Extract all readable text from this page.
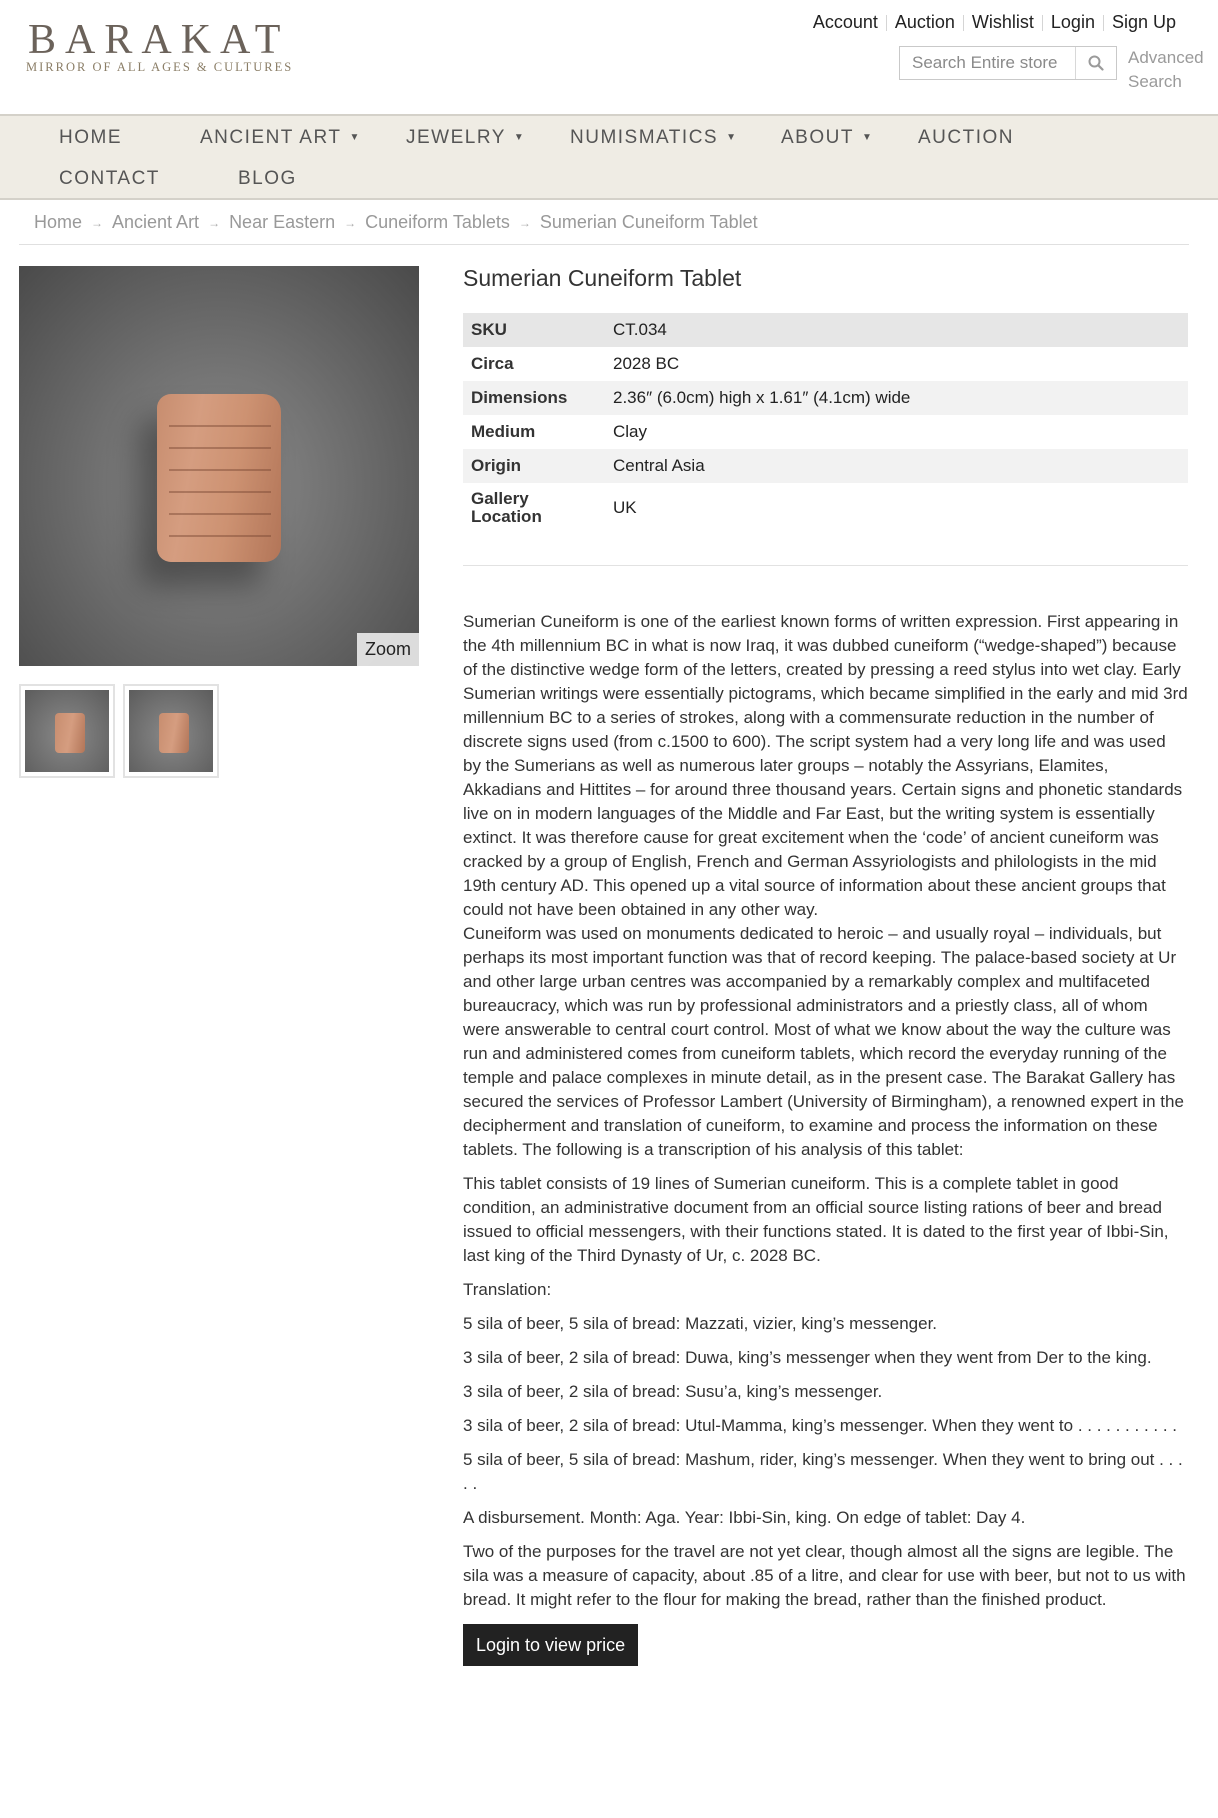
BARAKAT
MIRROR OF ALL AGES & CULTURES
Account Auction Wishlist Login Sign Up
Search Entire store here...
Advanced Search
HOME	ANCIENT ART ▼ JEWELRY ▼ NUMISMATICS ▼ ABOUT ▼ AUCTION
CONTACT	BLOG
Home → Ancient Art → Near Eastern → Cuneiform Tablets → Sumerian Cuneiform Tablet
Zoom
Sumerian Cuneiform Tablet
SKU	CT.034
Circa	2028 BC
Dimensions	2.36″ (6.0cm) high x 1.61″ (4.1cm) wide
Medium	Clay
Origin	Central Asia
Gallery Location	UK

Sumerian Cuneiform is one of the earliest known forms of written expression. First appearing in the 4th millennium BC in what is now Iraq, it was dubbed cuneiform (“wedge-shaped”) because of the distinctive wedge form of the letters, created by pressing a reed stylus into wet clay. Early Sumerian writings were essentially pictograms, which became simplified in the early and mid 3rd millennium BC to a series of strokes, along with a commensurate reduction in the number of discrete signs used (from c.1500 to 600). The script system had a very long life and was used by the Sumerians as well as numerous later groups – notably the Assyrians, Elamites, Akkadians and Hittites – for around three thousand years. Certain signs and phonetic standards live on in modern languages of the Middle and Far East, but the writing system is essentially extinct. It was therefore cause for great excitement when the ‘code’ of ancient cuneiform was cracked by a group of English, French and German Assyriologists and philologists in the mid 19th century AD. This opened up a vital source of information about these ancient groups that could not have been obtained in any other way.

Cuneiform was used on monuments dedicated to heroic – and usually royal – individuals, but perhaps its most important function was that of record keeping. The palace-based society at Ur and other large urban centres was accompanied by a remarkably complex and multifaceted bureaucracy, which was run by professional administrators and a priestly class, all of whom were answerable to central court control. Most of what we know about the way the culture was run and administered comes from cuneiform tablets, which record the everyday running of the temple and palace complexes in minute detail, as in the present case. The Barakat Gallery has secured the services of Professor Lambert (University of Birmingham), a renowned expert in the decipherment and translation of cuneiform, to examine and process the information on these tablets. The following is a transcription of his analysis of this tablet:

This tablet consists of 19 lines of Sumerian cuneiform. This is a complete tablet in good condition, an administrative document from an official source listing rations of beer and bread issued to official messengers, with their functions stated. It is dated to the first year of Ibbi-Sin, last king of the Third Dynasty of Ur, c. 2028 BC.

Translation:

5 sila of beer, 5 sila of bread: Mazzati, vizier, king’s messenger.

3 sila of beer, 2 sila of bread: Duwa, king’s messenger when they went from Der to the king.

3 sila of beer, 2 sila of bread: Susu’a, king’s messenger.

3 sila of beer, 2 sila of bread: Utul-Mamma, king’s messenger. When they went to . . . . . . . . . . .

5 sila of beer, 5 sila of bread: Mashum, rider, king’s messenger. When they went to bring out . . . . .

A disbursement. Month: Aga. Year: Ibbi-Sin, king. On edge of tablet: Day 4.

Two of the purposes for the travel are not yet clear, though almost all the signs are legible. The sila was a measure of capacity, about .85 of a litre, and clear for use with beer, but not to us with bread. It might refer to the flour for making the bread, rather than the finished product.

Login to view price
